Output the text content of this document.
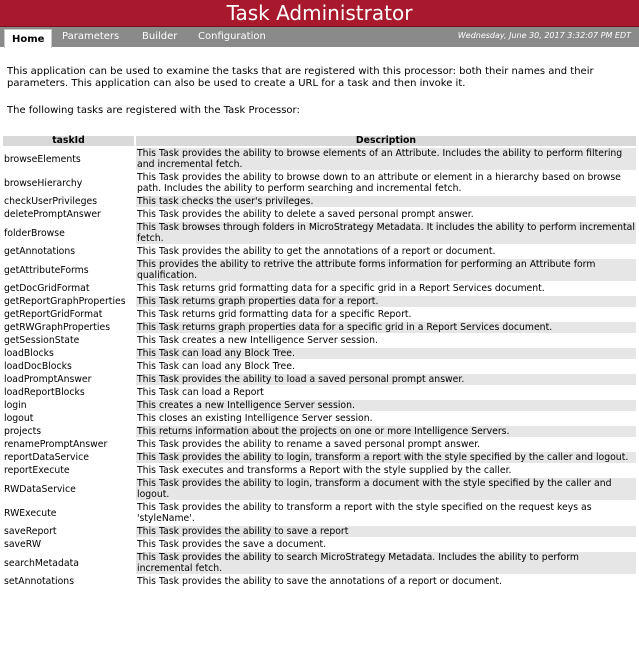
Task Administrator
Home	Parameters Builder Configuration	Wednesday, June 30, 2017 3:32:07 PM EDT

This application can be used to examine the tasks that are registered with this processor: both their names and their parameters. This application can also be used to create a URL for a task and then invoke it.

The following tasks are registered with the Task Processor:

taskId	Description
browseElements	This Task provides the ability to browse elements of an Attribute. Includes the ability to perform filtering and incremental fetch.
browseHierarchy	This Task provides the ability to browse down to an attribute or element in a hierarchy based on browse path. Includes the ability to perform searching and incremental fetch.
checkUserPrivileges	This task checks the user's privileges.
deletePromptAnswer	This Task provides the ability to delete a saved personal prompt answer.
folderBrowse	This Task browses through folders in MicroStrategy Metadata. It includes the ability to perform incremental fetch.
getAnnotations	This Task provides the ability to get the annotations of a report or document.
getAttributeForms	This provides the ability to retrive the attribute forms information for performing an Attribute form qualification.
getDocGridFormat	This Task returns grid formatting data for a specific grid in a Report Services document.
getReportGraphProperties	This Task returns graph properties data for a report.
getReportGridFormat	This Task returns grid formatting data for a specific Report.
getRWGraphProperties	This Task returns graph properties data for a specific grid in a Report Services document.
getSessionState	This Task creates a new Intelligence Server session.
loadBlocks	This Task can load any Block Tree.
loadDocBlocks	This Task can load any Block Tree.
loadPromptAnswer	This Task provides the ability to load a saved personal prompt answer.
loadReportBlocks	This Task can load a Report
login	This creates a new Intelligence Server session.
logout	This closes an existing Intelligence Server session.
projects	This returns information about the projects on one or more Intelligence Servers.
renamePromptAnswer	This Task provides the ability to rename a saved personal prompt answer.
reportDataService	This Task provides the ability to login, transform a report with the style specified by the caller and logout.
reportExecute	This Task executes and transforms a Report with the style supplied by the caller.
RWDataService	This Task provides the ability to login, transform a document with the style specified by the caller and logout.
RWExecute	This Task provides the ability to transform a report with the style specified on the request keys as 'styleName'.
saveReport	This Task provides the ability to save a report
saveRW	This Task provides the save a document.
searchMetadata	This Task provides the ability to search MicroStrategy Metadata. Includes the ability to perform incremental fetch.
setAnnotations	This Task provides the ability to save the annotations of a report or document.
